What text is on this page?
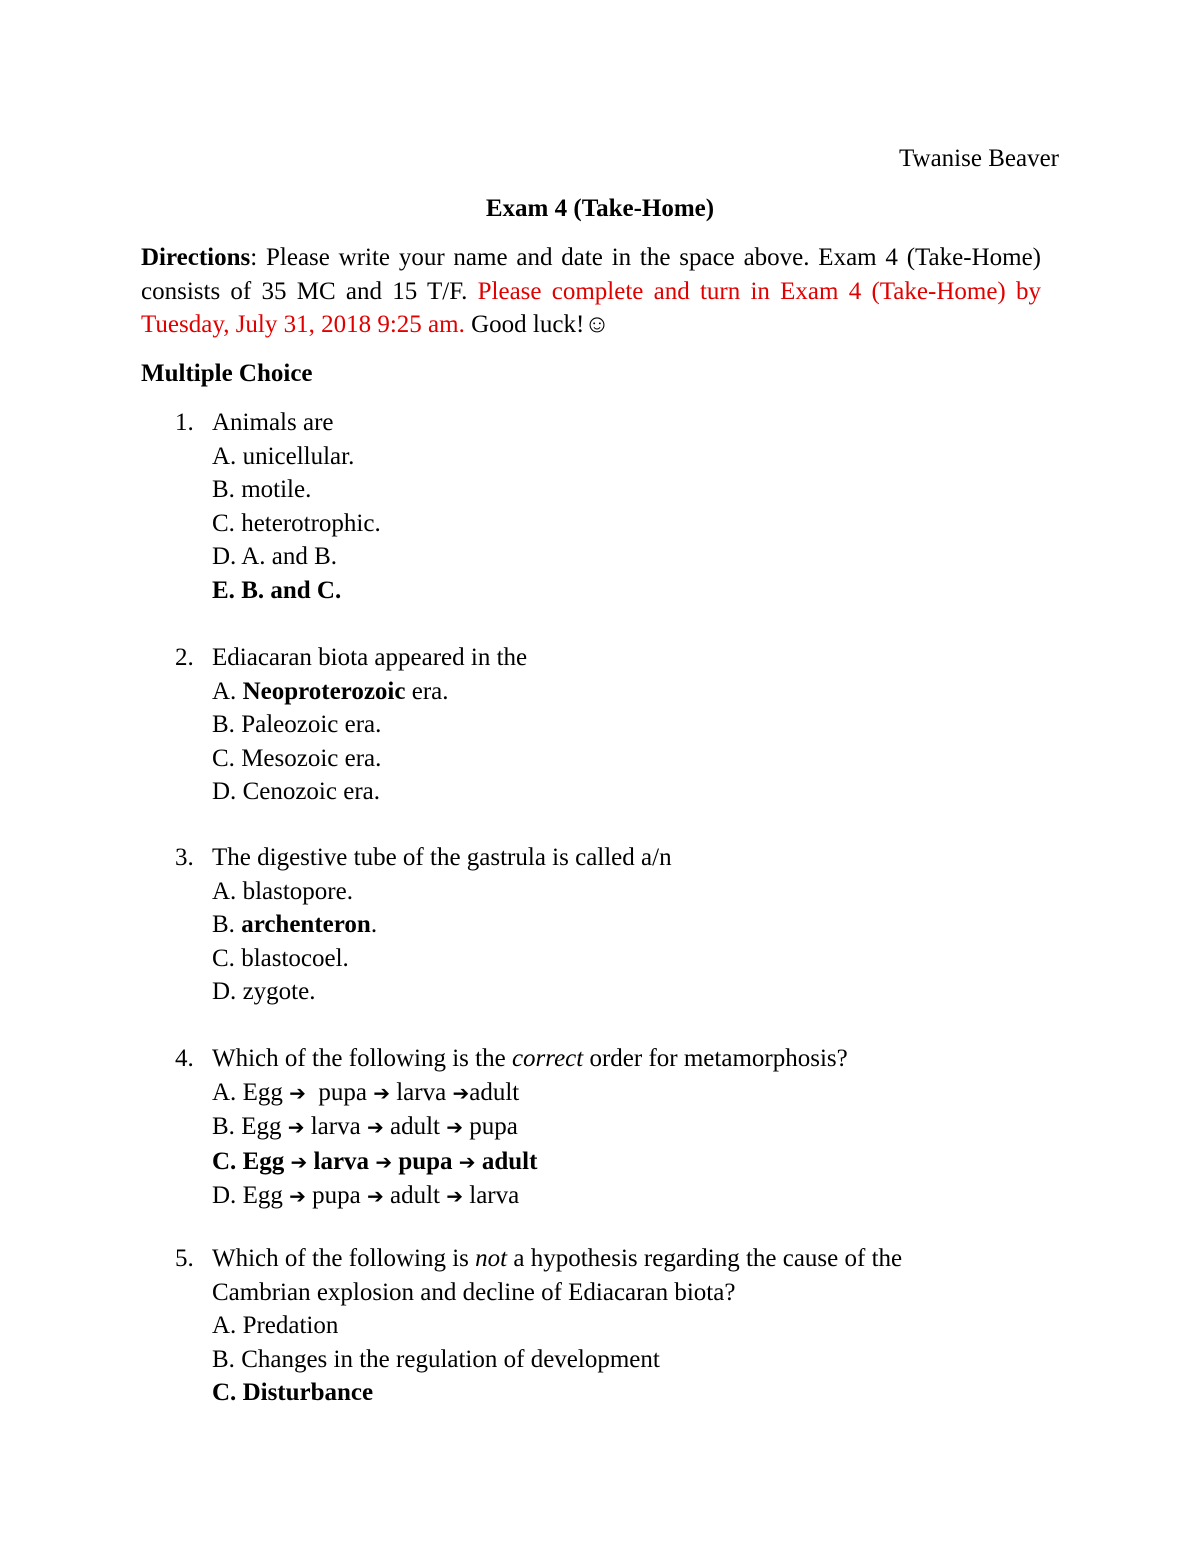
Twanise Beaver

Exam 4 (Take-Home)

Directions: Please write your name and date in the space above. Exam 4 (Take-Home) consists of 35 MC and 15 T/F. Please complete and turn in Exam 4 (Take-Home) by Tuesday, July 31, 2018 9:25 am. Good luck!☺

Multiple Choice

1. Animals are
A. unicellular.
B. motile.
C. heterotrophic.
D. A. and B.
E. B. and C.
2. Ediacaran biota appeared in the
A. Neoproterozoic era.
B. Paleozoic era.
C. Mesozoic era.
D. Cenozoic era.
3. The digestive tube of the gastrula is called a/n
A. blastopore.
B. archenteron.
C. blastocoel.
D. zygote.
4. Which of the following is the correct order for metamorphosis?
A. Egg ➔ pupa ➔ larva ➔adult
B. Egg ➔ larva ➔ adult ➔ pupa
C. Egg ➔ larva ➔ pupa ➔ adult
D. Egg ➔ pupa ➔ adult ➔ larva
5. Which of the following is not a hypothesis regarding the cause of the
Cambrian explosion and decline of Ediacaran biota?
A. Predation
B. Changes in the regulation of development
C. Disturbance
